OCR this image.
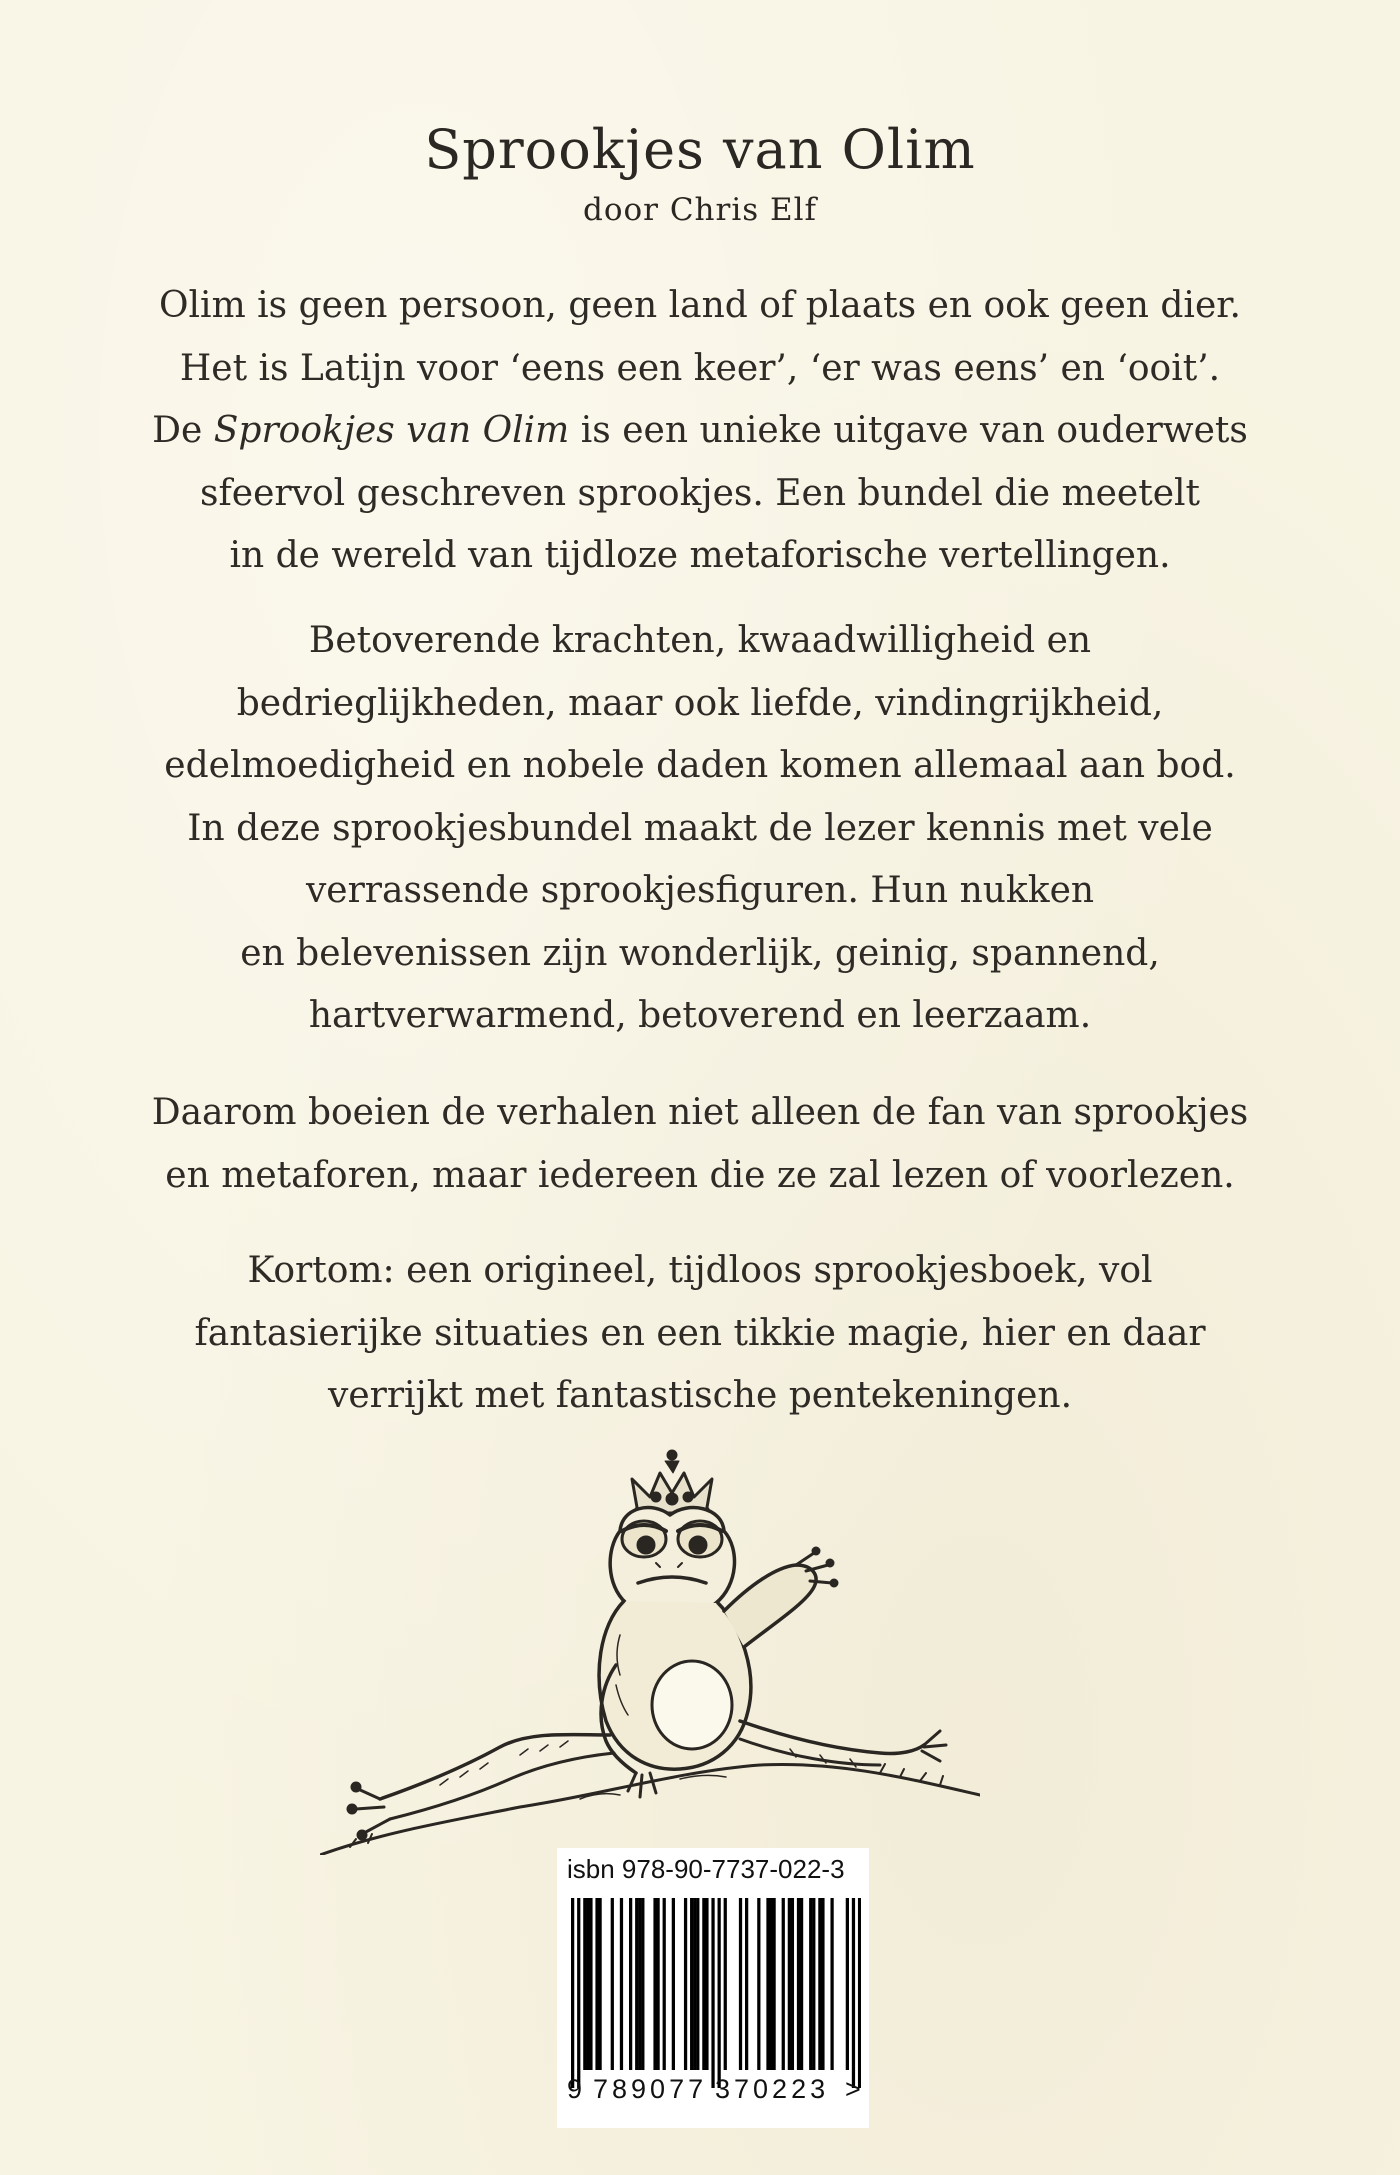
Sprookjes van Olim
door Chris Elf
Olim is geen persoon, geen land of plaats en ook geen dier.
Het is Latijn voor ‘eens een keer’, ‘er was eens’ en ‘ooit’.
De Sprookjes van Olim is een unieke uitgave van ouderwets
sfeervol geschreven sprookjes. Een bundel die meetelt
in de wereld van tijdloze metaforische vertellingen.
Betoverende krachten, kwaadwilligheid en
bedrieglijkheden, maar ook liefde, vindingrijkheid,
edelmoedigheid en nobele daden komen allemaal aan bod.
In deze sprookjesbundel maakt de lezer kennis met vele
verrassende sprookjesfiguren. Hun nukken
en belevenissen zijn wonderlijk, geinig, spannend,
hartverwarmend, betoverend en leerzaam.
Daarom boeien de verhalen niet alleen de fan van sprookjes
en metaforen, maar iedereen die ze zal lezen of voorlezen.
Kortom: een origineel, tijdloos sprookjesboek, vol
fantasierijke situaties en een tikkie magie, hier en daar
verrijkt met fantastische pentekeningen.
isbn 978-90-7737-022-3
9 789077 370223 >
